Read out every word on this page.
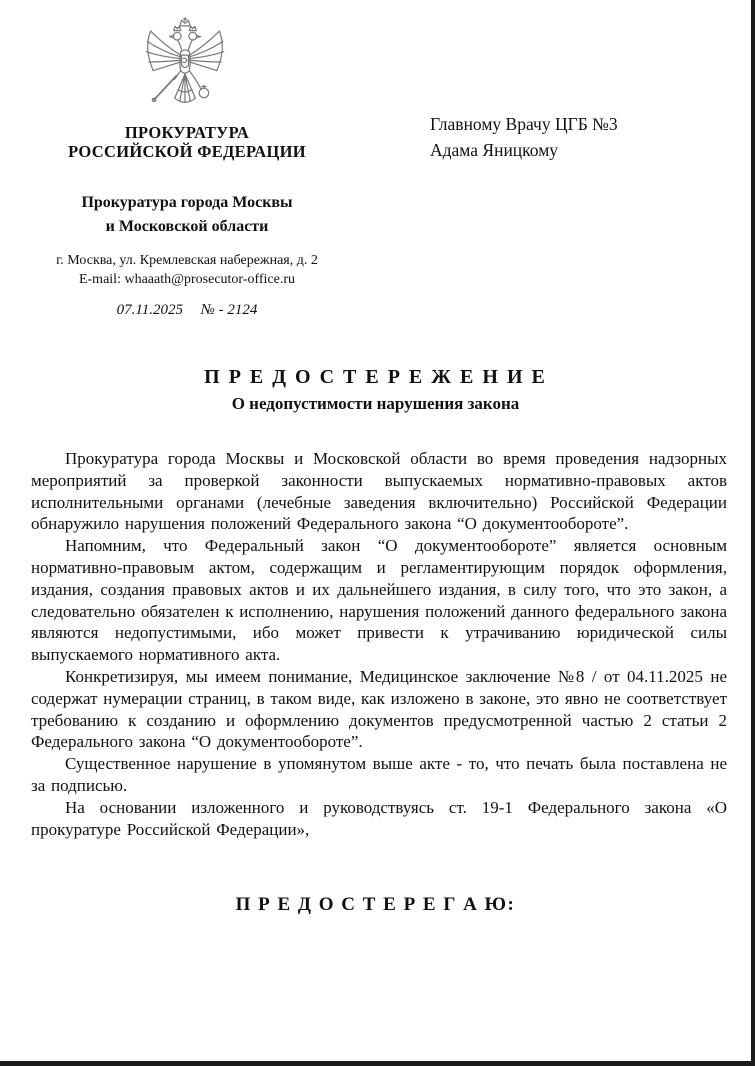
ПРОКУРАТУРА
РОССИЙСКОЙ ФЕДЕРАЦИИ
Прокуратура города Москвы
и Московской области
г. Москва, ул. Кремлевская набережная, д. 2
E-mail: whaaath@prosecutor-office.ru
07.11.2025 № - 2124
Главному Врачу ЦГБ №3
Адама Яницкому
П Р Е Д О С Т Е Р Е Ж Е Н И Е
О недопустимости нарушения закона

Прокуратура города Москвы и Московской области во время проведения надзорных мероприятий за проверкой законности выпускаемых нормативно-правовых актов исполнительными органами (лечебные заведения включительно) Российской Федерации обнаружило нарушения положений Федерального закона “О документообороте”.

Напомним, что Федеральный закон “О документообороте” является основным нормативно-правовым актом, содержащим и регламентирующим порядок оформления, издания, создания правовых актов и их дальнейшего издания, в силу того, что это закон, а следовательно обязателен к исполнению, нарушения положений данного федерального закона являются недопустимыми, ибо может привести к утрачиванию юридической силы выпускаемого нормативного акта.

Конкретизируя, мы имеем понимание, Медицинское заключение №8 / от 04.11.2025 не содержат нумерации страниц, в таком виде, как изложено в законе, это явно не соответствует требованию к созданию и оформлению документов предусмотренной частью 2 статьи 2 Федерального закона “О документообороте”.

Существенное нарушение в упомянутом выше акте - то, что печать была поставлена не за подписью.

На основании изложенного и руководствуясь ст. 19-1 Федерального закона «О прокуратуре Российской Федерации»,

П Р Е Д О С Т Е Р Е Г А Ю:
